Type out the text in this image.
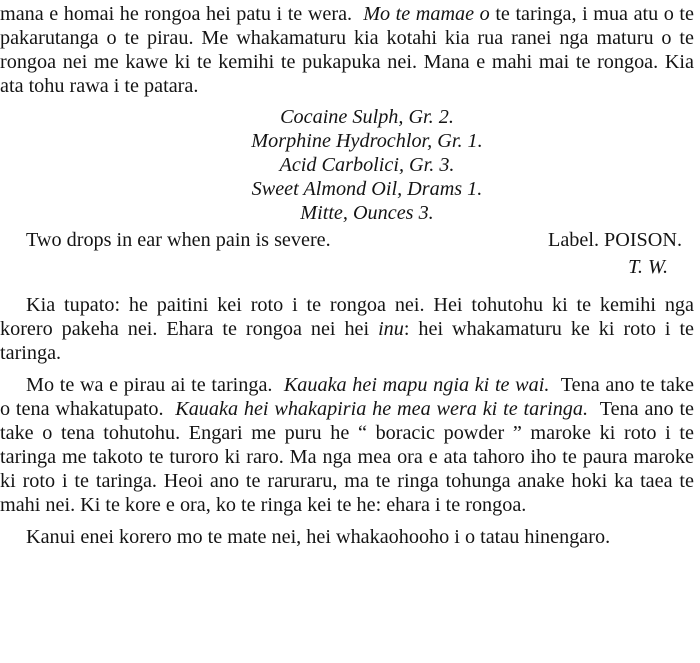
mana e homai he rongoa hei patu i te wera. Mo te mamae o te taringa, i mua atu o te pakarutanga o te pirau. Me whakamaturu kia kotahi kia rua ranei nga maturu o te rongoa nei me kawe ki te kemihi te pukapuka nei. Mana e mahi mai te rongoa. Kia ata tohu rawa i te patara.

Cocaine Sulph, Gr. 2.
Morphine Hydrochlor, Gr. 1.
Acid Carbolici, Gr. 3.
Sweet Almond Oil, Drams 1.
Mitte, Ounces 3.
Two drops in ear when pain is severe.	Label. POISON.
T. W.

Kia tupato: he paitini kei roto i te rongoa nei. Hei tohutohu ki te kemihi nga korero pakeha nei. Ehara te rongoa nei hei inu: hei whakamaturu ke ki roto i te taringa.

Mo te wa e pirau ai te taringa. Kauaka hei mapu ngia ki te wai. Tena ano te take o tena whakatupato. Kauaka hei whakapiria he mea wera ki te taringa. Tena ano te take o tena tohutohu. Engari me puru he “ boracic powder ” maroke ki roto i te taringa me takoto te turoro ki raro. Ma nga mea ora e ata tahoro iho te paura maroke ki roto i te taringa. Heoi ano te raruraru, ma te ringa tohunga anake hoki ka taea te mahi nei. Ki te kore e ora, ko te ringa kei te he: ehara i te rongoa.

Kanui enei korero mo te mate nei, hei whakaohooho i o tatau hinengaro.
